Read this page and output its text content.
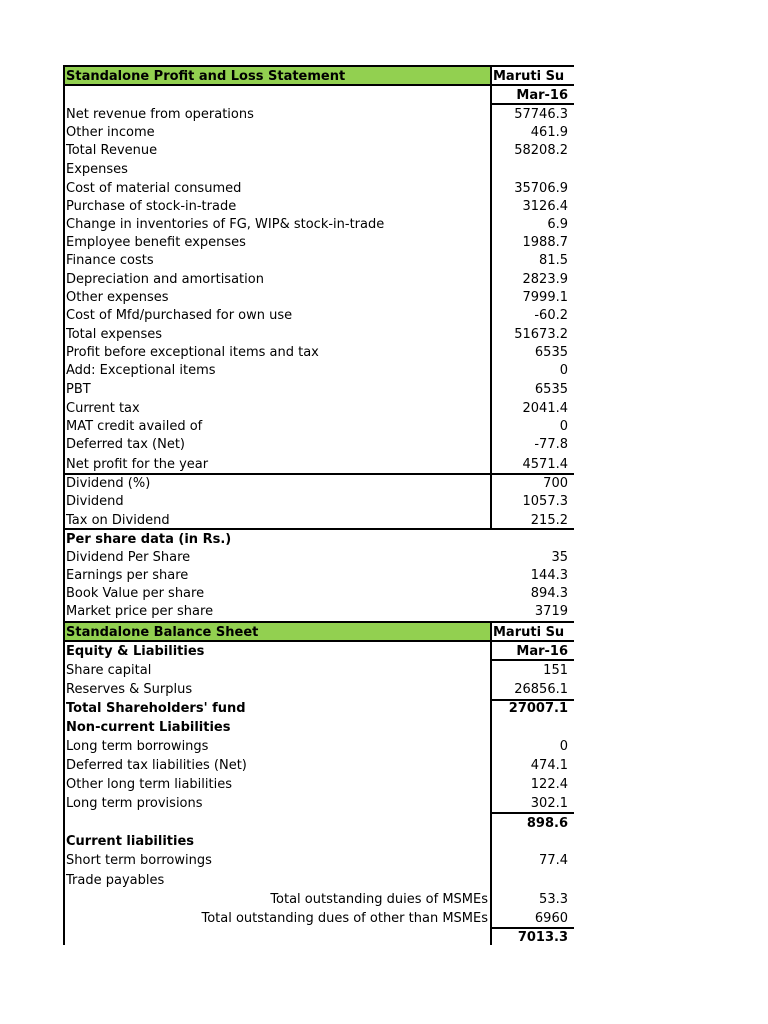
Standalone Profit and Loss Statement	Maruti Su
Mar-16
Net revenue from operations	57746.3
Other income	461.9
Total Revenue	58208.2
Expenses
Cost of material consumed	35706.9
Purchase of stock-in-trade	3126.4
Change in inventories of FG, WIP& stock-in-trade	6.9
Employee benefit expenses	1988.7
Finance costs	81.5
Depreciation and amortisation	2823.9
Other expenses	7999.1
Cost of Mfd/purchased for own use	-60.2
Total expenses	51673.2
Profit before exceptional items and tax	6535
Add: Exceptional items	0
PBT	6535
Current tax	2041.4
MAT credit availed of	0
Deferred tax (Net)	-77.8
Net profit for the year	4571.4
Dividend (%)	700
Dividend	1057.3
Tax on Dividend	215.2
Per share data (in Rs.)
Dividend Per Share	35
Earnings per share	144.3
Book Value per share	894.3
Market price per share	3719
Standalone Balance Sheet	Maruti Su
Equity & Liabilities	Mar-16
Share capital	151
Reserves & Surplus	26856.1
Total Shareholders' fund	27007.1
Non-current Liabilities
Long term borrowings	0
Deferred tax liabilities (Net)	474.1
Other long term liabilities	122.4
Long term provisions	302.1
898.6
Current liabilities
Short term borrowings	77.4
Trade payables
Total outstanding duies of MSMEs	53.3
Total outstanding dues of other than MSMEs	6960
7013.3
